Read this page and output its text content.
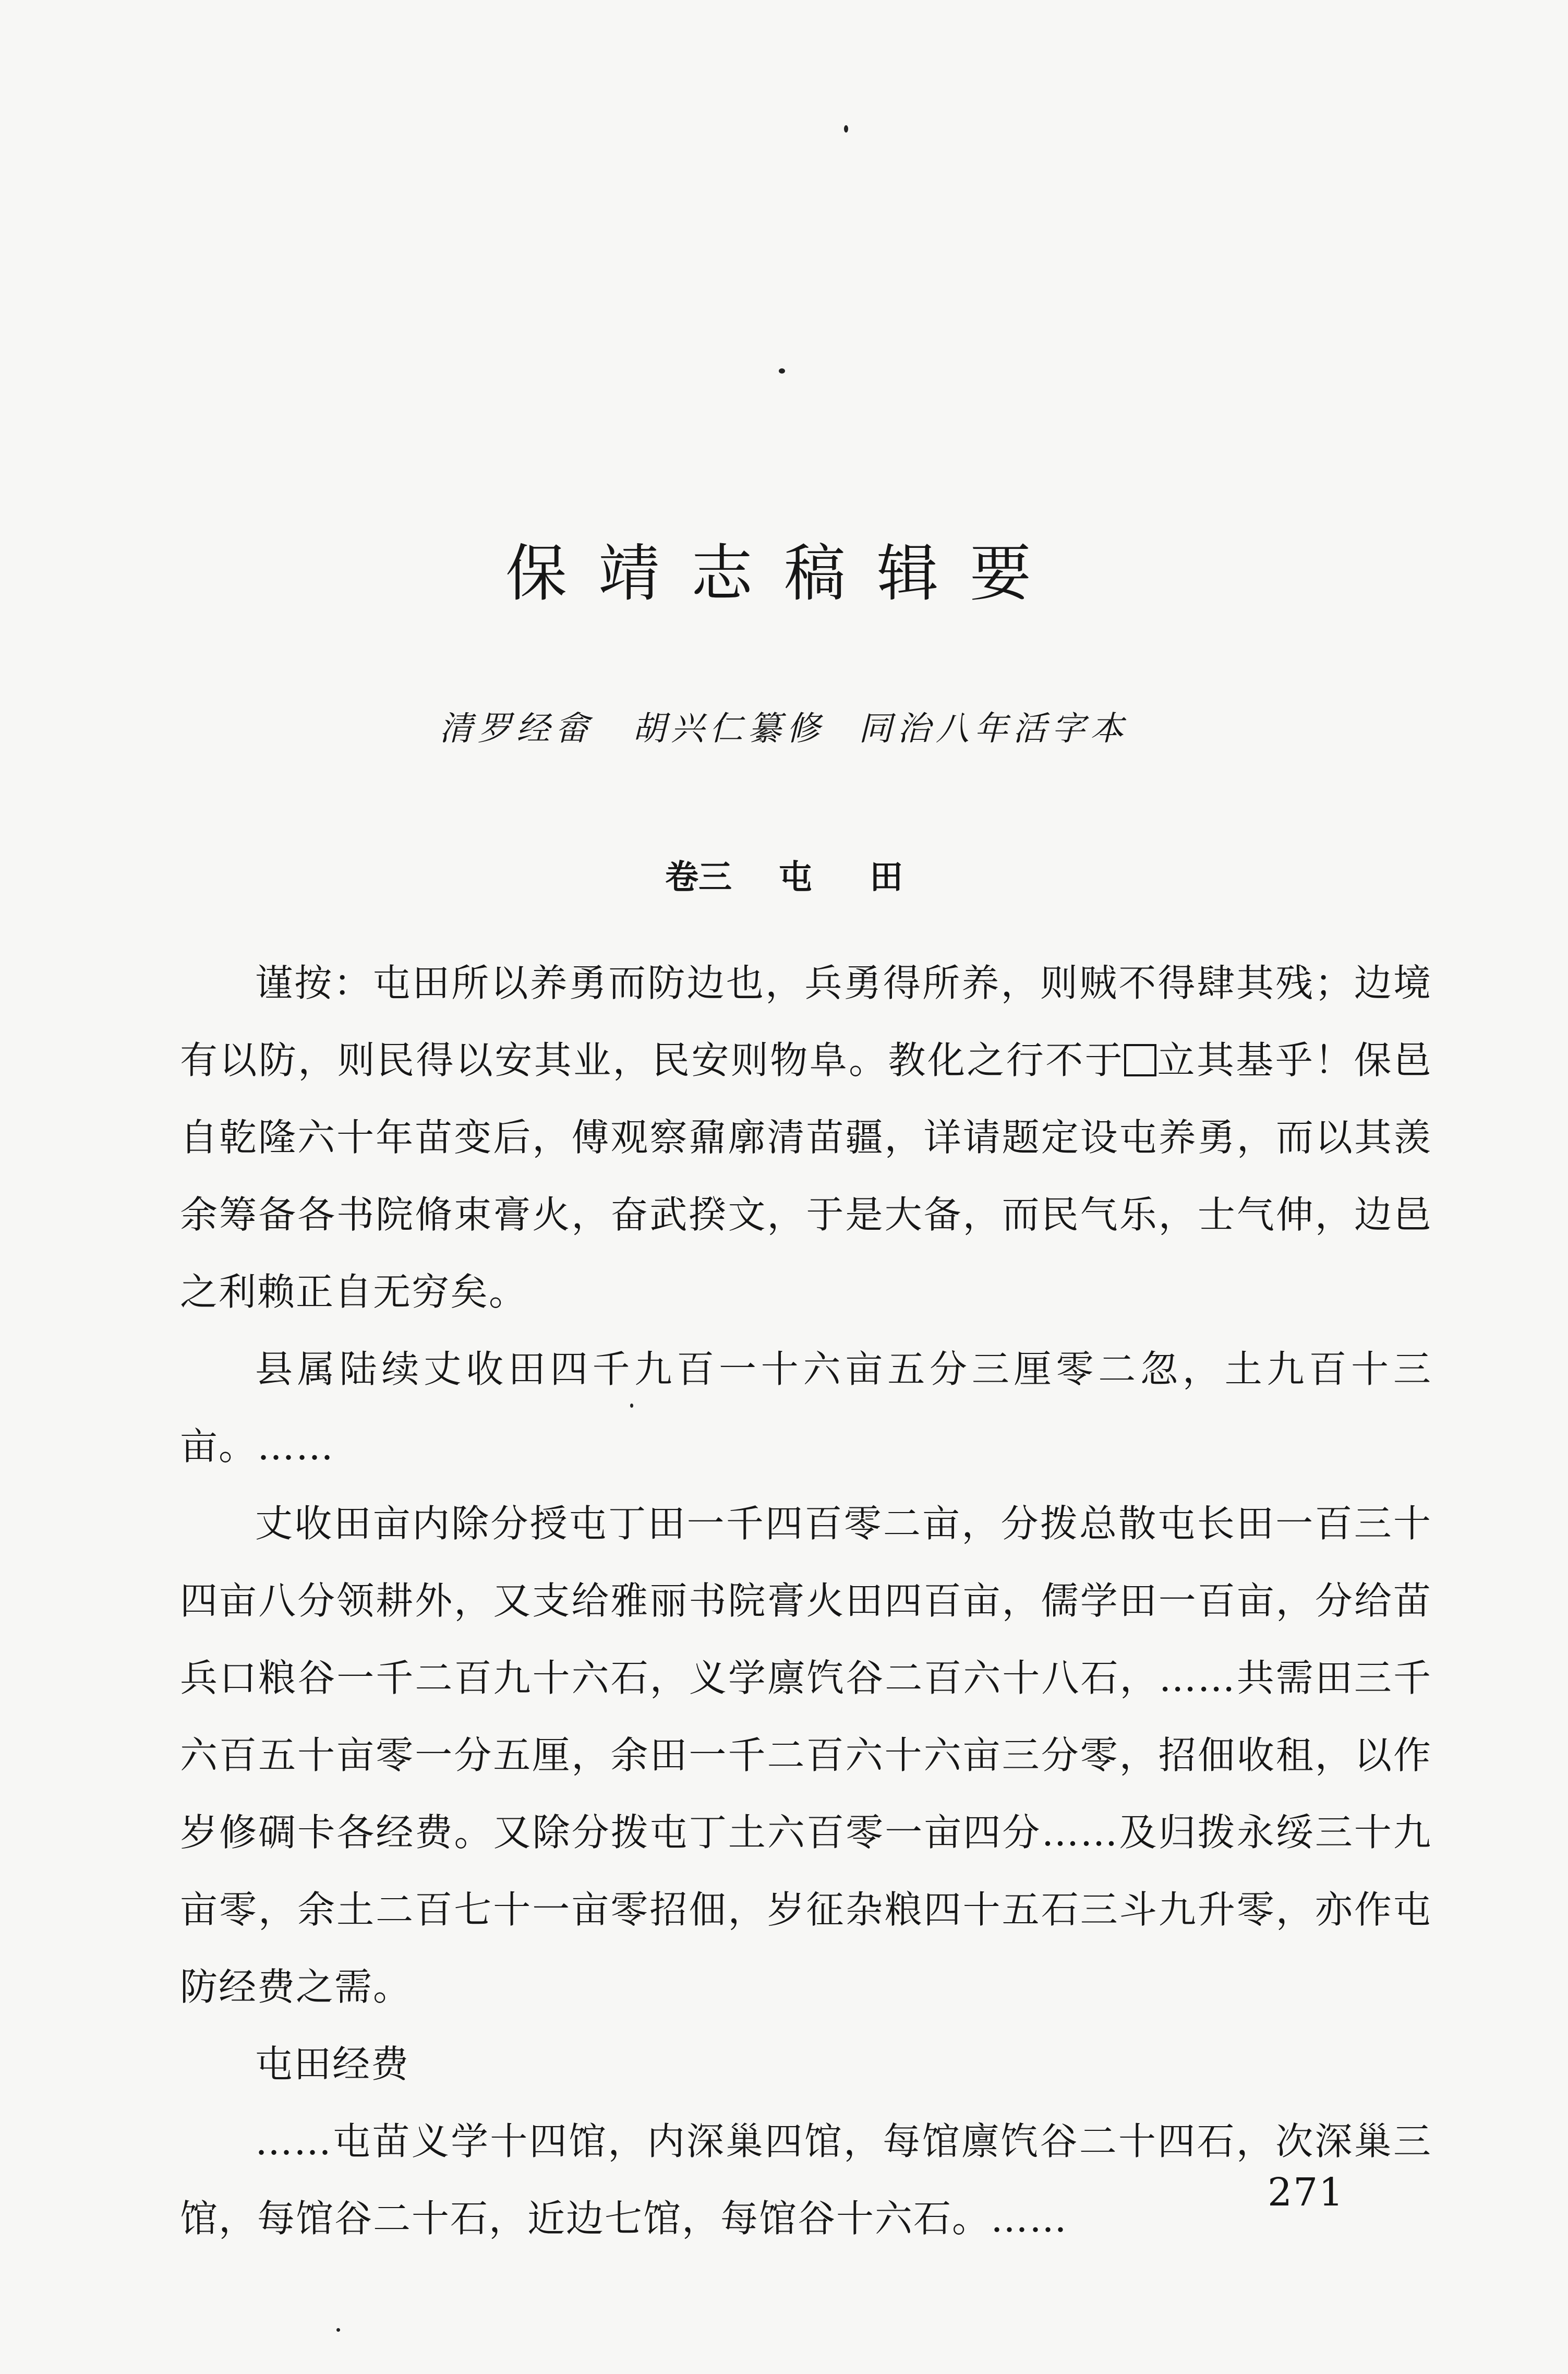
保靖志稿辑要
清罗经畲　胡兴仁纂修 同治八年活字本
卷三 屯 田

谨按：屯田所以养勇而防边也，兵勇得所养，则贼不得肆其残；边境有以防，则民得以安其业，民安则物阜。教化之行不于 立其基乎！保邑自乾隆六十年苗变后，傅观察鼐廓清苗疆，详请题定设屯养勇，而以其羡余筹备各书院脩束膏火，奋武揆文，于是大备，而民气乐，士气伸，边邑之利赖正自无穷矣。

县属陆续丈收田四千九百一十六亩五分三厘零二忽，土九百十三亩。……

丈收田亩内除分授屯丁田一千四百零二亩，分拨总散屯长田一百三十四亩八分领耕外，又支给雅丽书院膏火田四百亩，儒学田一百亩，分给苗兵口粮谷一千二百九十六石，义学廪饩谷二百六十八石，……共需田三千六百五十亩零一分五厘，余田一千二百六十六亩三分零，招佃收租，以作岁修碉卡各经费。又除分拨屯丁土六百零一亩四分……及归拨永绥三十九亩零，余土二百七十一亩零招佃，岁征杂粮四十五石三斗九升零，亦作屯防经费之需。

屯田经费

……屯苗义学十四馆，内深巢四馆，每馆廪饩谷二十四石，次深巢三馆，每馆谷二十石，近边七馆，每馆谷十六石。……

271
